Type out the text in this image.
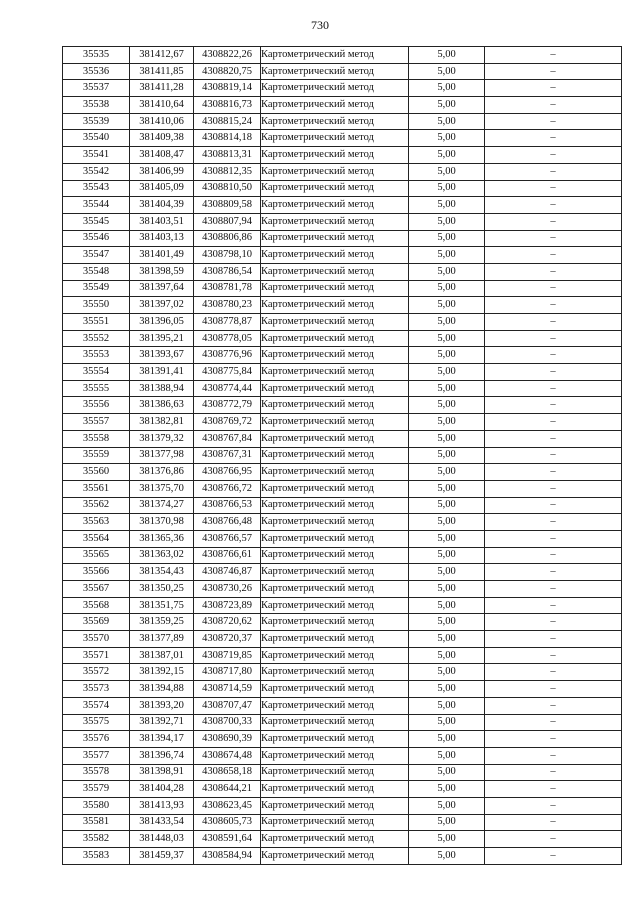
730
35535	381412,67	4308822,26	Картометрический метод	5,00	–
35536	381411,85	4308820,75	Картометрический метод	5,00	–
35537	381411,28	4308819,14	Картометрический метод	5,00	–
35538	381410,64	4308816,73	Картометрический метод	5,00	–
35539	381410,06	4308815,24	Картометрический метод	5,00	–
35540	381409,38	4308814,18	Картометрический метод	5,00	–
35541	381408,47	4308813,31	Картометрический метод	5,00	–
35542	381406,99	4308812,35	Картометрический метод	5,00	–
35543	381405,09	4308810,50	Картометрический метод	5,00	–
35544	381404,39	4308809,58	Картометрический метод	5,00	–
35545	381403,51	4308807,94	Картометрический метод	5,00	–
35546	381403,13	4308806,86	Картометрический метод	5,00	–
35547	381401,49	4308798,10	Картометрический метод	5,00	–
35548	381398,59	4308786,54	Картометрический метод	5,00	–
35549	381397,64	4308781,78	Картометрический метод	5,00	–
35550	381397,02	4308780,23	Картометрический метод	5,00	–
35551	381396,05	4308778,87	Картометрический метод	5,00	–
35552	381395,21	4308778,05	Картометрический метод	5,00	–
35553	381393,67	4308776,96	Картометрический метод	5,00	–
35554	381391,41	4308775,84	Картометрический метод	5,00	–
35555	381388,94	4308774,44	Картометрический метод	5,00	–
35556	381386,63	4308772,79	Картометрический метод	5,00	–
35557	381382,81	4308769,72	Картометрический метод	5,00	–
35558	381379,32	4308767,84	Картометрический метод	5,00	–
35559	381377,98	4308767,31	Картометрический метод	5,00	–
35560	381376,86	4308766,95	Картометрический метод	5,00	–
35561	381375,70	4308766,72	Картометрический метод	5,00	–
35562	381374,27	4308766,53	Картометрический метод	5,00	–
35563	381370,98	4308766,48	Картометрический метод	5,00	–
35564	381365,36	4308766,57	Картометрический метод	5,00	–
35565	381363,02	4308766,61	Картометрический метод	5,00	–
35566	381354,43	4308746,87	Картометрический метод	5,00	–
35567	381350,25	4308730,26	Картометрический метод	5,00	–
35568	381351,75	4308723,89	Картометрический метод	5,00	–
35569	381359,25	4308720,62	Картометрический метод	5,00	–
35570	381377,89	4308720,37	Картометрический метод	5,00	–
35571	381387,01	4308719,85	Картометрический метод	5,00	–
35572	381392,15	4308717,80	Картометрический метод	5,00	–
35573	381394,88	4308714,59	Картометрический метод	5,00	–
35574	381393,20	4308707,47	Картометрический метод	5,00	–
35575	381392,71	4308700,33	Картометрический метод	5,00	–
35576	381394,17	4308690,39	Картометрический метод	5,00	–
35577	381396,74	4308674,48	Картометрический метод	5,00	–
35578	381398,91	4308658,18	Картометрический метод	5,00	–
35579	381404,28	4308644,21	Картометрический метод	5,00	–
35580	381413,93	4308623,45	Картометрический метод	5,00	–
35581	381433,54	4308605,73	Картометрический метод	5,00	–
35582	381448,03	4308591,64	Картометрический метод	5,00	–
35583	381459,37	4308584,94	Картометрический метод	5,00	–
